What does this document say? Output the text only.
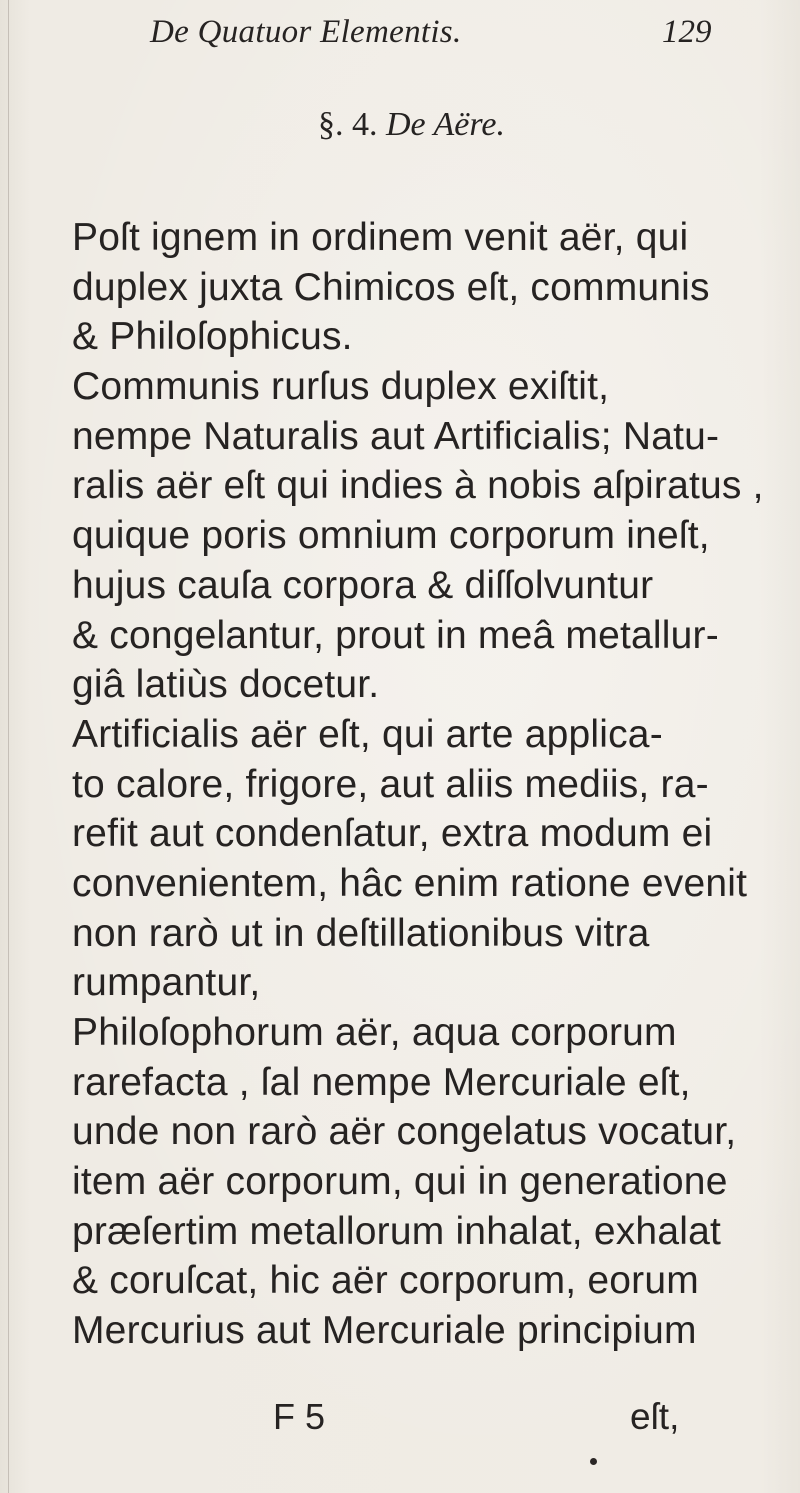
De Quatuor Elementis.	129
§. 4. De Aëre.
Poſt ignem in ordinem venit aër, qui
duplex juxta Chimicos eſt, communis
& Philoſophicus.
Communis rurſus duplex exiſtit,
nempe Naturalis aut Artificialis; Natu-
ralis aër eſt qui indies à nobis aſpiratus ,
quique poris omnium corporum ineſt,
hujus cauſa corpora & diſſolvuntur
& congelantur, prout in meâ metallur-
giâ latiùs docetur.
Artificialis aër eſt, qui arte applica-
to calore, frigore, aut aliis mediis, ra-
refit aut condenſatur, extra modum ei
convenientem, hâc enim ratione evenit
non rarò ut in deſtillationibus vitra
rumpantur,
Philoſophorum aër, aqua corporum
rarefacta , ſal nempe Mercuriale eſt,
unde non rarò aër congelatus vocatur,
item aër corporum, qui in generatione
præſertim metallorum inhalat, exhalat
& coruſcat, hic aër corporum, eorum
Mercurius aut Mercuriale principium
F 5	eſt,
